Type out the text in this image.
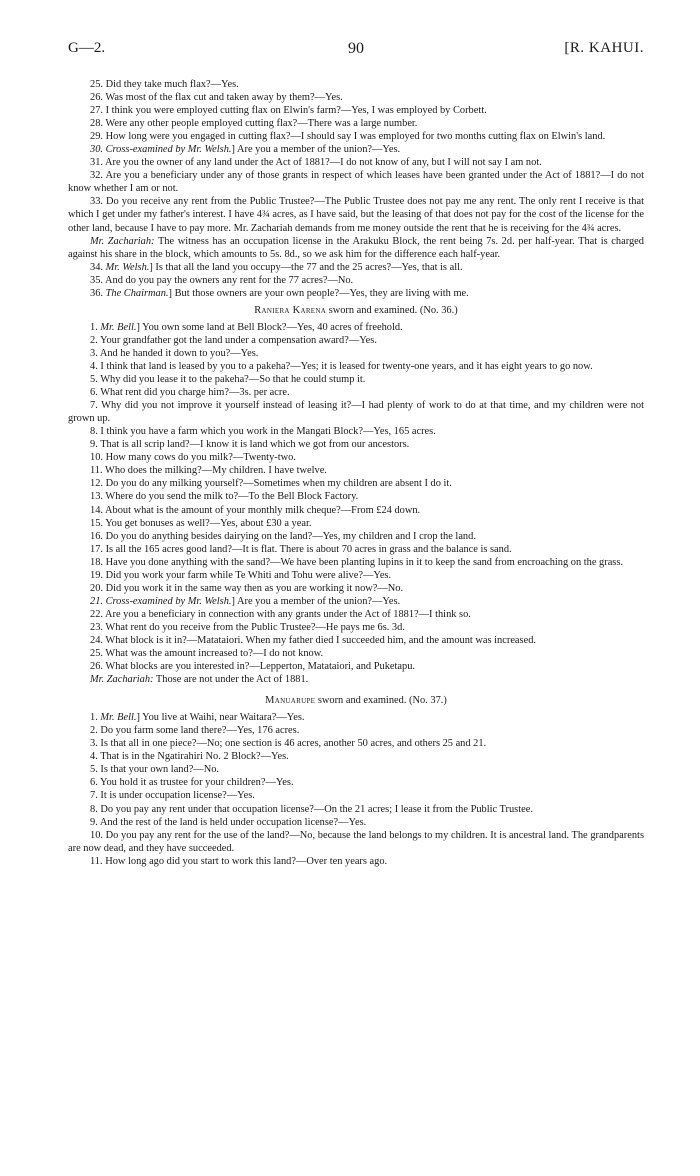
G—2.	90	[R. KAHUI.

25. Did they take much flax?—Yes.

26. Was most of the flax cut and taken away by them?—Yes.

27. I think you were employed cutting flax on Elwin's farm?—Yes, I was employed by Corbett.

28. Were any other people employed cutting flax?—There was a large number.

29. How long were you engaged in cutting flax?—I should say I was employed for two months cutting flax on Elwin's land.

30. Cross-examined by Mr. Welsh.] Are you a member of the union?—Yes.

31. Are you the owner of any land under the Act of 1881?—I do not know of any, but I will not say I am not.

32. Are you a beneficiary under any of those grants in respect of which leases have been granted under the Act of 1881?—I do not know whether I am or not.

33. Do you receive any rent from the Public Trustee?—The Public Trustee does not pay me any rent. The only rent I receive is that which I get under my father's interest. I have 4¾ acres, as I have said, but the leasing of that does not pay for the cost of the license for the other land, because I have to pay more. Mr. Zachariah demands from me money outside the rent that he is receiving for the 4¾ acres.

Mr. Zachariah: The witness has an occupation license in the Arakuku Block, the rent being 7s. 2d. per half-year. That is charged against his share in the block, which amounts to 5s. 8d., so we ask him for the difference each half-year.

34. Mr. Welsh.] Is that all the land you occupy—the 77 and the 25 acres?—Yes, that is all.

35. And do you pay the owners any rent for the 77 acres?—No.

36. The Chairman.] But those owners are your own people?—Yes, they are living with me.

Raniera Karena sworn and examined. (No. 36.)

1. Mr. Bell.] You own some land at Bell Block?—Yes, 40 acres of freehold.

2. Your grandfather got the land under a compensation award?—Yes.

3. And he handed it down to you?—Yes.

4. I think that land is leased by you to a pakeha?—Yes; it is leased for twenty-one years, and it has eight years to go now.

5. Why did you lease it to the pakeha?—So that he could stump it.

6. What rent did you charge him?—3s. per acre.

7. Why did you not improve it yourself instead of leasing it?—I had plenty of work to do at that time, and my children were not grown up.

8. I think you have a farm which you work in the Mangati Block?—Yes, 165 acres.

9. That is all scrip land?—I know it is land which we got from our ancestors.

10. How many cows do you milk?—Twenty-two.

11. Who does the milking?—My children. I have twelve.

12. Do you do any milking yourself?—Sometimes when my children are absent I do it.

13. Where do you send the milk to?—To the Bell Block Factory.

14. About what is the amount of your monthly milk cheque?—From £24 down.

15. You get bonuses as well?—Yes, about £30 a year.

16. Do you do anything besides dairying on the land?—Yes, my children and I crop the land.

17. Is all the 165 acres good land?—It is flat. There is about 70 acres in grass and the balance is sand.

18. Have you done anything with the sand?—We have been planting lupins in it to keep the sand from encroaching on the grass.

19. Did you work your farm while Te Whiti and Tohu were alive?—Yes.

20. Did you work it in the same way then as you are working it now?—No.

21. Cross-examined by Mr. Welsh.] Are you a member of the union?—Yes.

22. Are you a beneficiary in connection with any grants under the Act of 1881?—I think so.

23. What rent do you receive from the Public Trustee?—He pays me 6s. 3d.

24. What block is it in?—Matataiori. When my father died I succeeded him, and the amount was increased.

25. What was the amount increased to?—I do not know.

26. What blocks are you interested in?—Lepperton, Matataiori, and Puketapu.

Mr. Zachariah: Those are not under the Act of 1881.

Manuarupe sworn and examined. (No. 37.)

1. Mr. Bell.] You live at Waihi, near Waitara?—Yes.

2. Do you farm some land there?—Yes, 176 acres.

3. Is that all in one piece?—No; one section is 46 acres, another 50 acres, and others 25 and 21.

4. That is in the Ngatirahiri No. 2 Block?—Yes.

5. Is that your own land?—No.

6. You hold it as trustee for your children?—Yes.

7. It is under occupation license?—Yes.

8. Do you pay any rent under that occupation license?—On the 21 acres; I lease it from the Public Trustee.

9. And the rest of the land is held under occupation license?—Yes.

10. Do you pay any rent for the use of the land?—No, because the land belongs to my children. It is ancestral land. The grandparents are now dead, and they have succeeded.

11. How long ago did you start to work this land?—Over ten years ago.
